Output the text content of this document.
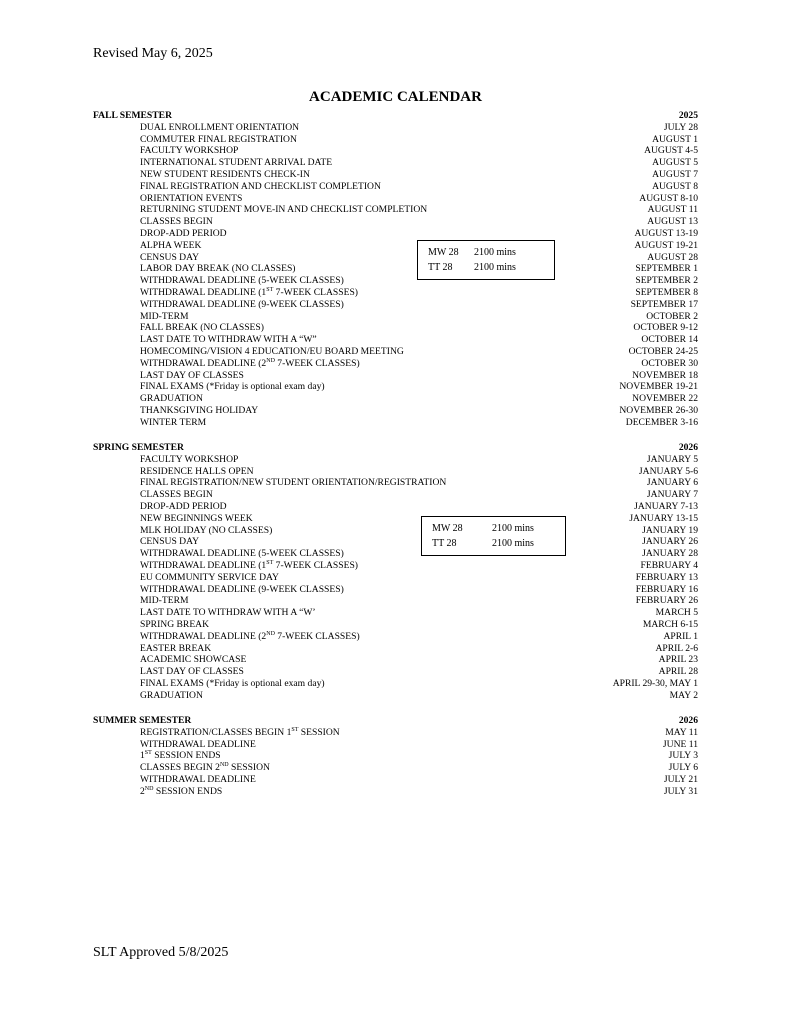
Revised May 6, 2025
ACADEMIC CALENDAR
FALL SEMESTER	2025
DUAL ENROLLMENT ORIENTATION	JULY 28
COMMUTER FINAL REGISTRATION	AUGUST 1
FACULTY WORKSHOP	AUGUST 4-5
INTERNATIONAL STUDENT ARRIVAL DATE	AUGUST 5
NEW STUDENT RESIDENTS CHECK-IN	AUGUST 7
FINAL REGISTRATION AND CHECKLIST COMPLETION	AUGUST 8
ORIENTATION EVENTS	AUGUST 8-10
RETURNING STUDENT MOVE-IN AND CHECKLIST COMPLETION	AUGUST 11
CLASSES BEGIN	AUGUST 13
DROP-ADD PERIOD	AUGUST 13-19
ALPHA WEEK	AUGUST 19-21
CENSUS DAY	AUGUST 28
LABOR DAY BREAK (NO CLASSES)	SEPTEMBER 1
WITHDRAWAL DEADLINE (5-WEEK CLASSES)	SEPTEMBER 2
WITHDRAWAL DEADLINE (1ST 7-WEEK CLASSES)	SEPTEMBER 8
WITHDRAWAL DEADLINE (9-WEEK CLASSES)	SEPTEMBER 17
MID-TERM	OCTOBER 2
FALL BREAK (NO CLASSES)	OCTOBER 9-12
LAST DATE TO WITHDRAW WITH A “W”	OCTOBER 14
HOMECOMING/VISION 4 EDUCATION/EU BOARD MEETING	OCTOBER 24-25
WITHDRAWAL DEADLINE (2ND 7-WEEK CLASSES)	OCTOBER 30
LAST DAY OF CLASSES	NOVEMBER 18
FINAL EXAMS (*Friday is optional exam day)	NOVEMBER 19-21
GRADUATION	NOVEMBER 22
THANKSGIVING HOLIDAY	NOVEMBER 26-30
WINTER TERM	DECEMBER 3-16
MW 28	2100 mins
TT 28	2100 mins
SPRING SEMESTER	2026
FACULTY WORKSHOP	JANUARY 5
RESIDENCE HALLS OPEN	JANUARY 5-6
FINAL REGISTRATION/NEW STUDENT ORIENTATION/REGISTRATION	JANUARY 6
CLASSES BEGIN	JANUARY 7
DROP-ADD PERIOD	JANUARY 7-13
NEW BEGINNINGS WEEK	JANUARY 13-15
MLK HOLIDAY (NO CLASSES)	JANUARY 19
CENSUS DAY	JANUARY 26
WITHDRAWAL DEADLINE (5-WEEK CLASSES)	JANUARY 28
WITHDRAWAL DEADLINE (1ST 7-WEEK CLASSES)	FEBRUARY 4
EU COMMUNITY SERVICE DAY	FEBRUARY 13
WITHDRAWAL DEADLINE (9-WEEK CLASSES)	FEBRUARY 16
MID-TERM	FEBRUARY 26
LAST DATE TO WITHDRAW WITH A “W’	MARCH 5
SPRING BREAK	MARCH 6-15
WITHDRAWAL DEADLINE (2ND 7-WEEK CLASSES)	APRIL 1
EASTER BREAK	APRIL 2-6
ACADEMIC SHOWCASE	APRIL 23
LAST DAY OF CLASSES	APRIL 28
FINAL EXAMS (*Friday is optional exam day)	APRIL 29-30, MAY 1
GRADUATION	MAY 2
MW 28	2100 mins
TT 28	2100 mins
SUMMER SEMESTER	2026
REGISTRATION/CLASSES BEGIN 1ST SESSION	MAY 11
WITHDRAWAL DEADLINE	JUNE 11
1ST SESSION ENDS	JULY 3
CLASSES BEGIN 2ND SESSION	JULY 6
WITHDRAWAL DEADLINE	JULY 21
2ND SESSION ENDS	JULY 31
SLT Approved 5/8/2025
